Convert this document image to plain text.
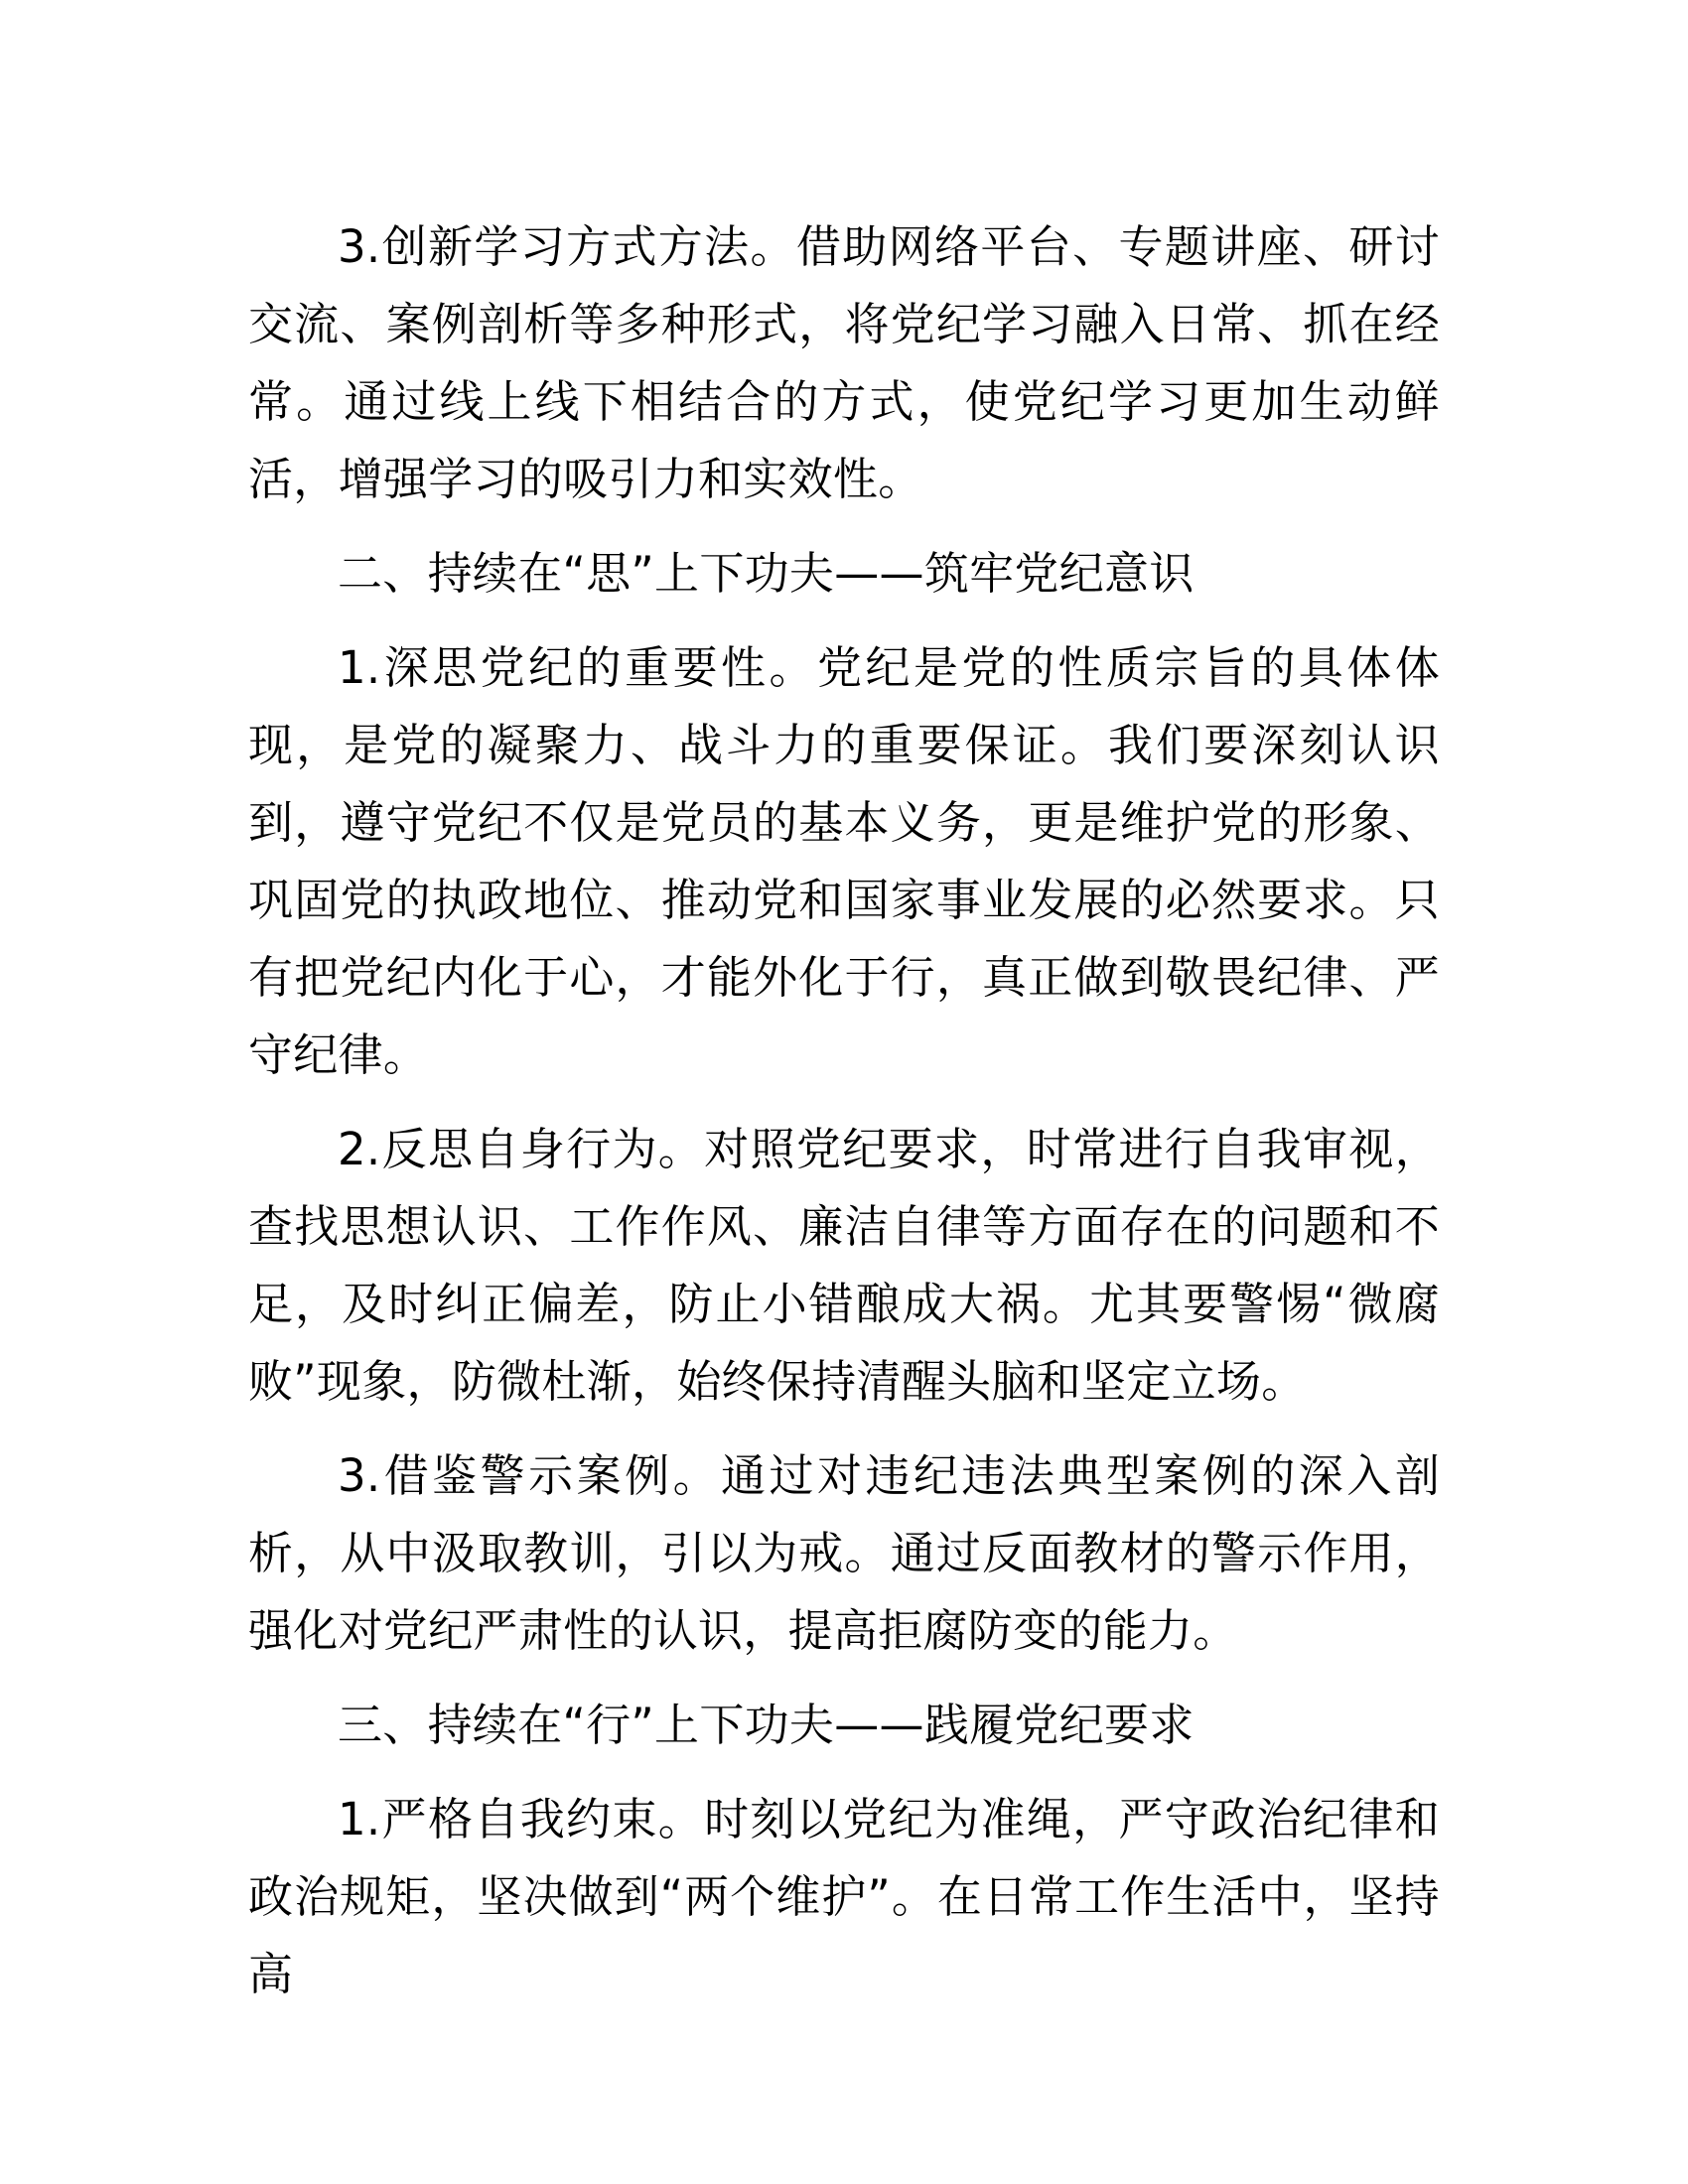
3.创新学习方式方法。借助网络平台、专题讲座、研讨交流、案例剖析等多种形式，将党纪学习融入日常、抓在经常。通过线上线下相结合的方式，使党纪学习更加生动鲜活，增强学习的吸引力和实效性。

二、持续在“思”上下功夫——筑牢党纪意识

1.深思党纪的重要性。党纪是党的性质宗旨的具体体现，是党的凝聚力、战斗力的重要保证。我们要深刻认识到，遵守党纪不仅是党员的基本义务，更是维护党的形象、巩固党的执政地位、推动党和国家事业发展的必然要求。只有把党纪内化于心，才能外化于行，真正做到敬畏纪律、严守纪律。

2.反思自身行为。对照党纪要求，时常进行自我审视，查找思想认识、工作作风、廉洁自律等方面存在的问题和不足，及时纠正偏差，防止小错酿成大祸。尤其要警惕“微腐败”现象，防微杜渐，始终保持清醒头脑和坚定立场。

3.借鉴警示案例。通过对违纪违法典型案例的深入剖析，从中汲取教训，引以为戒。通过反面教材的警示作用，强化对党纪严肃性的认识，提高拒腐防变的能力。

三、持续在“行”上下功夫——践履党纪要求

1.严格自我约束。时刻以党纪为准绳，严守政治纪律和政治规矩，坚决做到“两个维护”。在日常工作生活中，坚持高
